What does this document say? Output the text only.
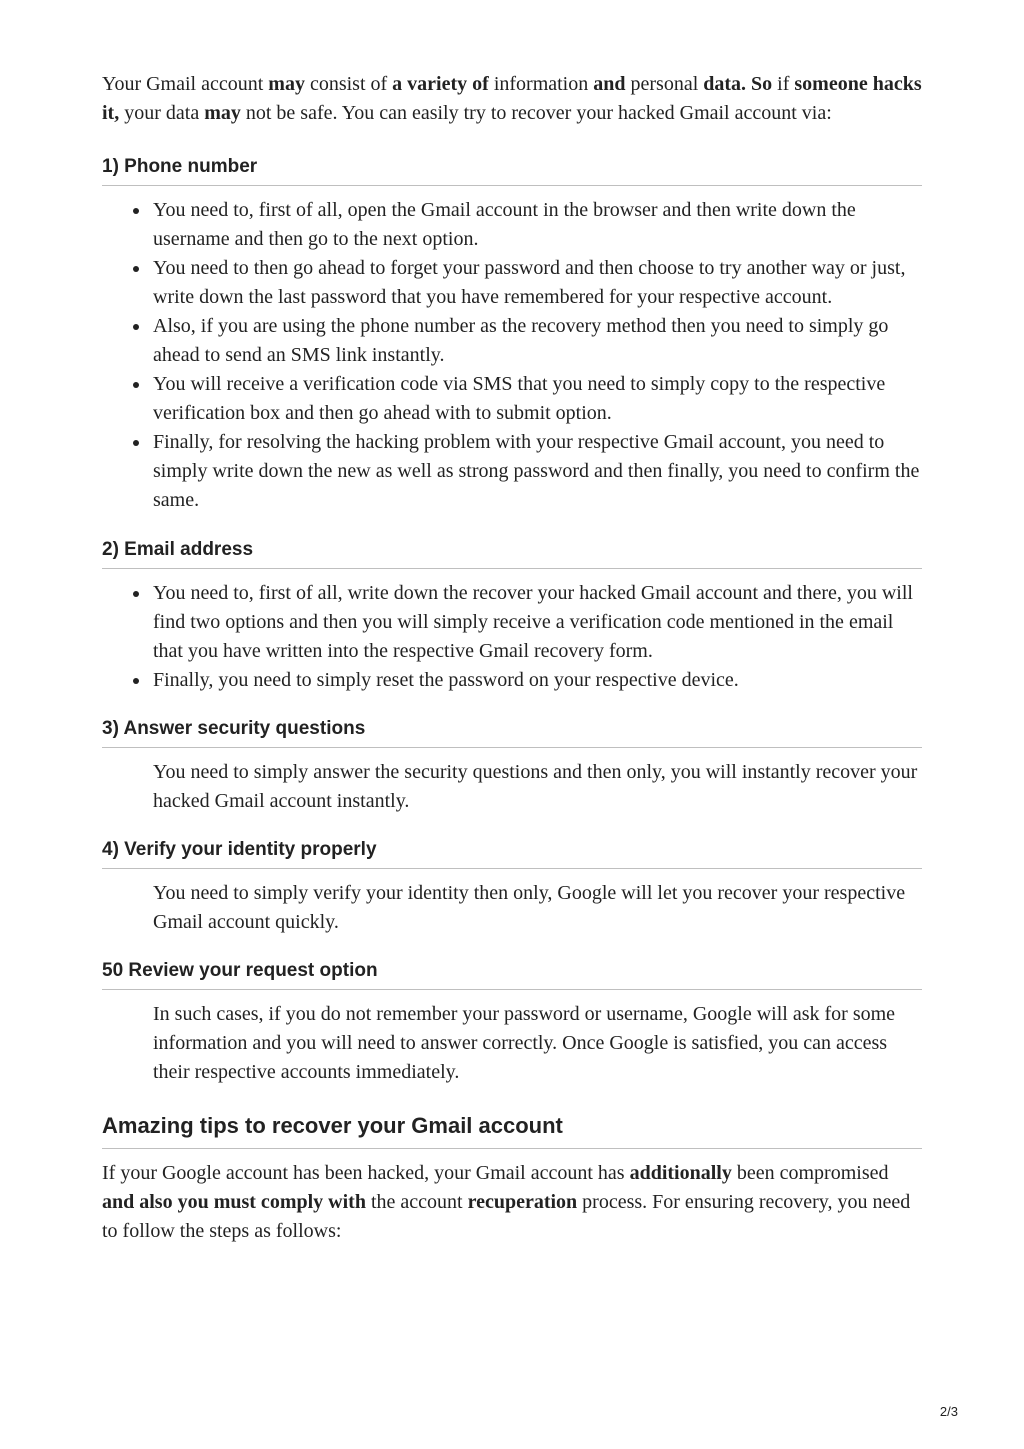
Your Gmail account may consist of a variety of information and personal data. So if someone hacks it, your data may not be safe. You can easily try to recover your hacked Gmail account via:

1) Phone number
You need to, first of all, open the Gmail account in the browser and then write down the username and then go to the next option.
You need to then go ahead to forget your password and then choose to try another way or just, write down the last password that you have remembered for your respective account.
Also, if you are using the phone number as the recovery method then you need to simply go ahead to send an SMS link instantly.
You will receive a verification code via SMS that you need to simply copy to the respective verification box and then go ahead with to submit option.
Finally, for resolving the hacking problem with your respective Gmail account, you need to simply write down the new as well as strong password and then finally, you need to confirm the same.
2) Email address
You need to, first of all, write down the recover your hacked Gmail account and there, you will find two options and then you will simply receive a verification code mentioned in the email that you have written into the respective Gmail recovery form.
Finally, you need to simply reset the password on your respective device.
3) Answer security questions

You need to simply answer the security questions and then only, you will instantly recover your hacked Gmail account instantly.

4) Verify your identity properly

You need to simply verify your identity then only, Google will let you recover your respective Gmail account quickly.

50 Review your request option

In such cases, if you do not remember your password or username, Google will ask for some information and you will need to answer correctly. Once Google is satisfied, you can access their respective accounts immediately.

Amazing tips to recover your Gmail account

If your Google account has been hacked, your Gmail account has additionally been compromised and also you must comply with the account recuperation process. For ensuring recovery, you need to follow the steps as follows:

2/3
